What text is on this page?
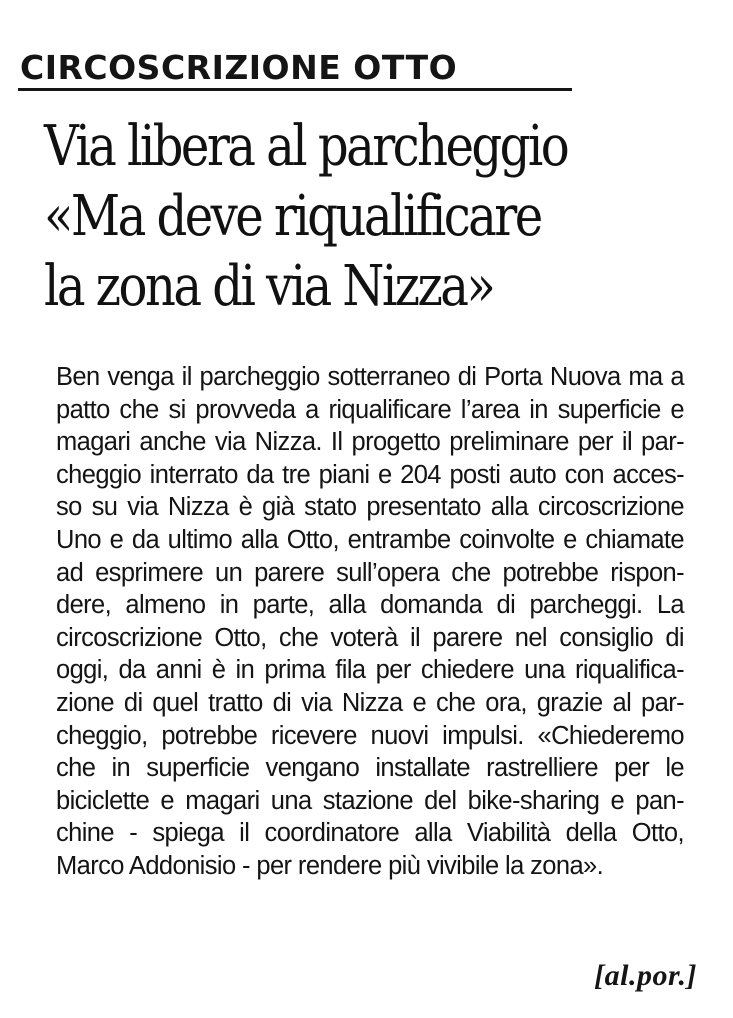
CIRCOSCRIZIONE OTTO
Via libera al parcheggio
«Ma deve riqualificare
la zona di via Nizza»
Ben venga il parcheggio sotterraneo di Porta Nuova ma a
patto che si provveda a riqualificare l’area in superficie e
magari anche via Nizza. Il progetto preliminare per il par-
cheggio interrato da tre piani e 204 posti auto con acces-
so su via Nizza è già stato presentato alla circoscrizione
Uno e da ultimo alla Otto, entrambe coinvolte e chiamate
ad esprimere un parere sull’opera che potrebbe rispon-
dere, almeno in parte, alla domanda di parcheggi. La
circoscrizione Otto, che voterà il parere nel consiglio di
oggi, da anni è in prima fila per chiedere una riqualifica-
zione di quel tratto di via Nizza e che ora, grazie al par-
cheggio, potrebbe ricevere nuovi impulsi. «Chiederemo
che in superficie vengano installate rastrelliere per le
biciclette e magari una stazione del bike-sharing e pan-
chine - spiega il coordinatore alla Viabilità della Otto,
Marco Addonisio - per rendere più vivibile la zona».
[al.por.]
